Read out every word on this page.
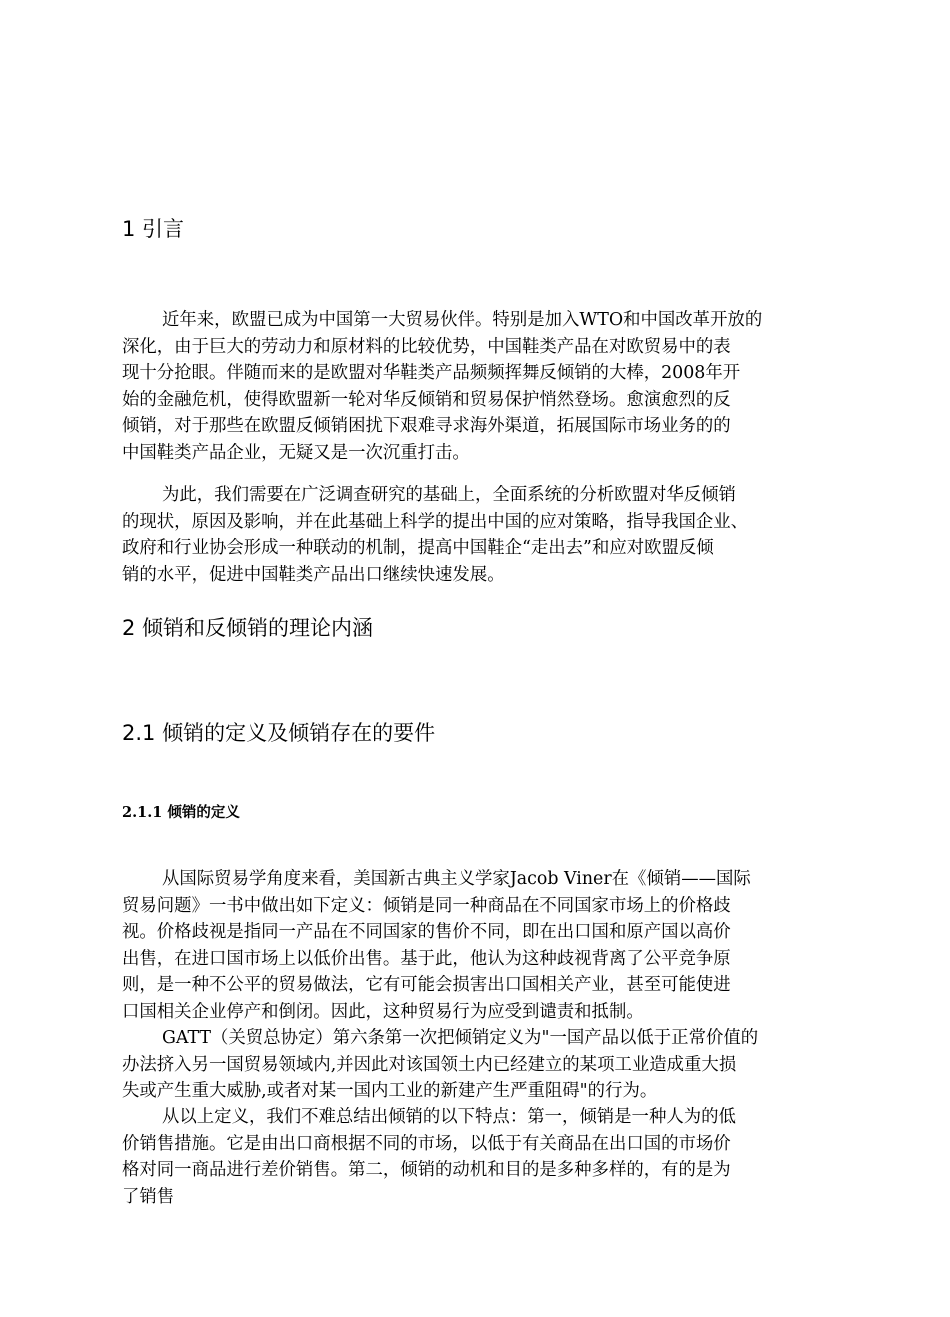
1 引言
近年来，欧盟已成为中国第一大贸易伙伴。特别是加入WTO和中国改革开放的
深化，由于巨大的劳动力和原材料的比较优势，中国鞋类产品在对欧贸易中的表
现十分抢眼。伴随而来的是欧盟对华鞋类产品频频挥舞反倾销的大棒，2008年开
始的金融危机，使得欧盟新一轮对华反倾销和贸易保护悄然登场。愈演愈烈的反
倾销，对于那些在欧盟反倾销困扰下艰难寻求海外渠道，拓展国际市场业务的的
中国鞋类产品企业，无疑又是一次沉重打击。
为此，我们需要在广泛调查研究的基础上，全面系统的分析欧盟对华反倾销
的现状，原因及影响，并在此基础上科学的提出中国的应对策略，指导我国企业、
政府和行业协会形成一种联动的机制，提高中国鞋企“走出去”和应对欧盟反倾
销的水平，促进中国鞋类产品出口继续快速发展。
2 倾销和反倾销的理论内涵
2.1 倾销的定义及倾销存在的要件
2.1.1 倾销的定义
从国际贸易学角度来看，美国新古典主义学家Jacob Viner在《倾销——国际
贸易问题》一书中做出如下定义：倾销是同一种商品在不同国家市场上的价格歧
视。价格歧视是指同一产品在不同国家的售价不同，即在出口国和原产国以高价
出售，在进口国市场上以低价出售。基于此，他认为这种歧视背离了公平竞争原
则，是一种不公平的贸易做法，它有可能会损害出口国相关产业，甚至可能使进
口国相关企业停产和倒闭。因此，这种贸易行为应受到谴责和抵制。
GATT（关贸总协定）第六条第一次把倾销定义为"一国产品以低于正常价值的
办法挤入另一国贸易领域内,并因此对该国领土内已经建立的某项工业造成重大损
失或产生重大威胁,或者对某一国内工业的新建产生严重阻碍"的行为。
从以上定义，我们不难总结出倾销的以下特点：第一，倾销是一种人为的低
价销售措施。它是由出口商根据不同的市场，以低于有关商品在出口国的市场价
格对同一商品进行差价销售。第二，倾销的动机和目的是多种多样的，有的是为
了销售
